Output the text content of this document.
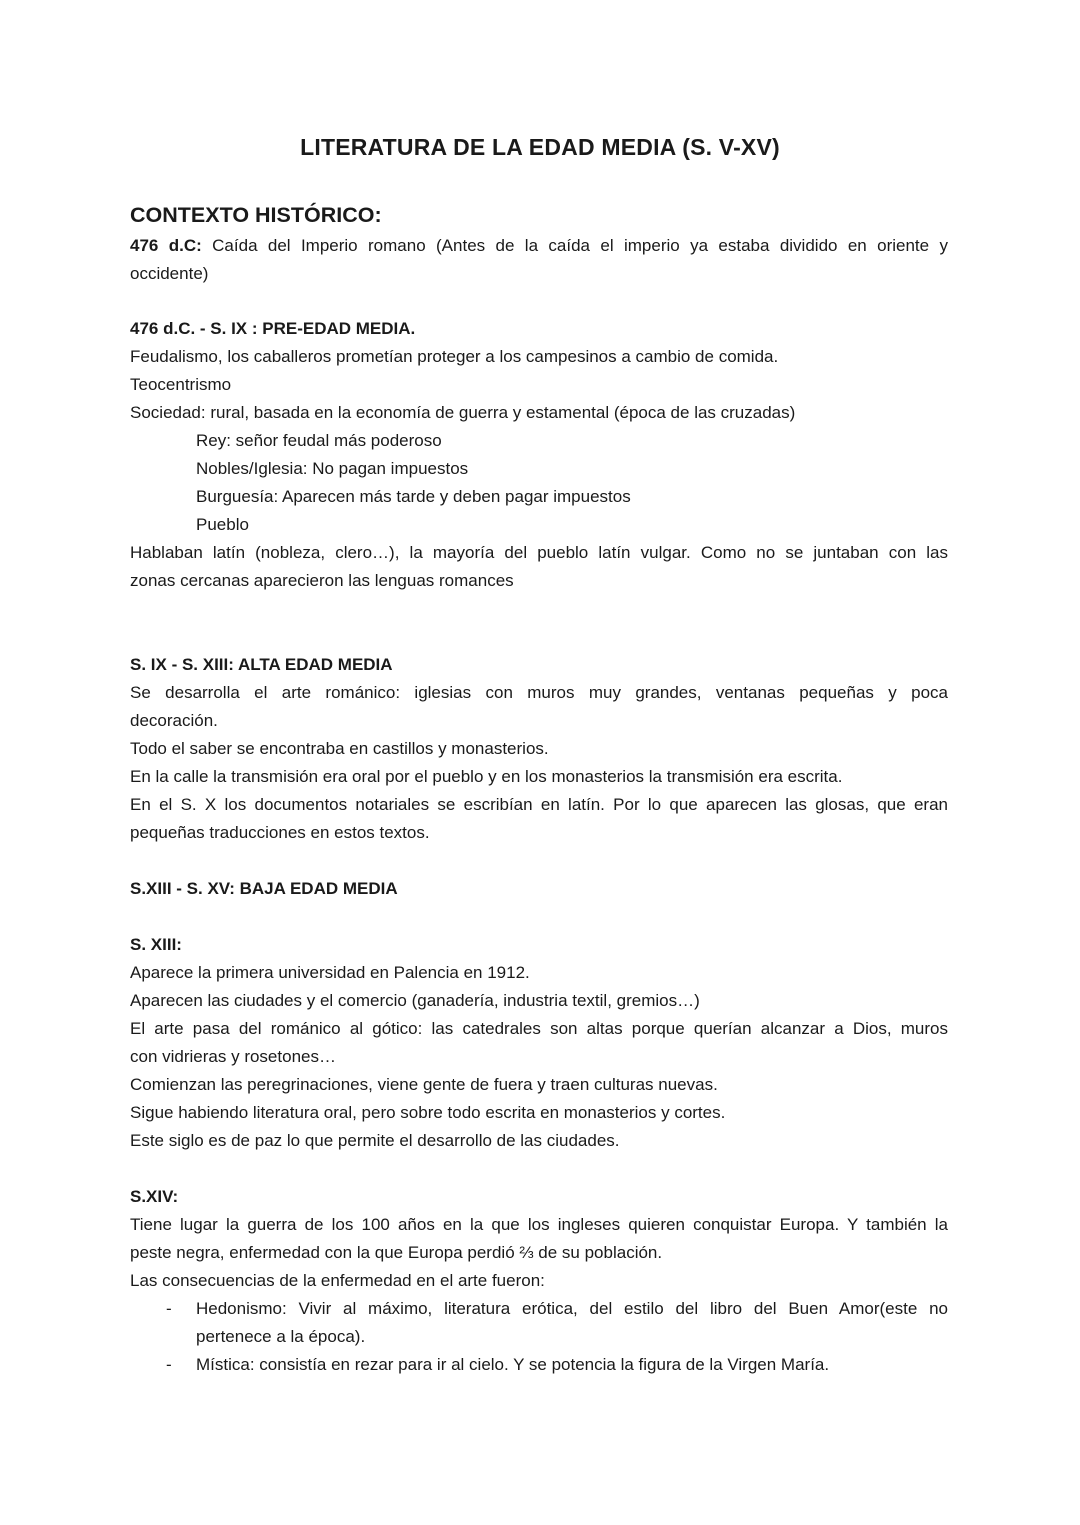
LITERATURA DE LA EDAD MEDIA (S. V-XV)
CONTEXTO HISTÓRICO:
476 d.C: Caída del Imperio romano (Antes de la caída el imperio ya estaba dividido en oriente y
occidente)
476 d.C. - S. IX : PRE-EDAD MEDIA.
Feudalismo, los caballeros prometían proteger a los campesinos a cambio de comida.
Teocentrismo
Sociedad: rural, basada en la economía de guerra y estamental (época de las cruzadas)
Rey: señor feudal más poderoso
Nobles/Iglesia: No pagan impuestos
Burguesía: Aparecen más tarde y deben pagar impuestos
Pueblo
Hablaban latín (nobleza, clero…), la mayoría del pueblo latín vulgar. Como no se juntaban con las
zonas cercanas aparecieron las lenguas romances
S. IX - S. XIII: ALTA EDAD MEDIA
Se desarrolla el arte románico: iglesias con muros muy grandes, ventanas pequeñas y poca
decoración.
Todo el saber se encontraba en castillos y monasterios.
En la calle la transmisión era oral por el pueblo y en los monasterios la transmisión era escrita.
En el S. X los documentos notariales se escribían en latín. Por lo que aparecen las glosas, que eran
pequeñas traducciones en estos textos.
S.XIII - S. XV: BAJA EDAD MEDIA
S. XIII:
Aparece la primera universidad en Palencia en 1912.
Aparecen las ciudades y el comercio (ganadería, industria textil, gremios…)
El arte pasa del románico al gótico: las catedrales son altas porque querían alcanzar a Dios, muros
con vidrieras y rosetones…
Comienzan las peregrinaciones, viene gente de fuera y traen culturas nuevas.
Sigue habiendo literatura oral, pero sobre todo escrita en monasterios y cortes.
Este siglo es de paz lo que permite el desarrollo de las ciudades.
S.XIV:
Tiene lugar la guerra de los 100 años en la que los ingleses quieren conquistar Europa. Y también la
peste negra, enfermedad con la que Europa perdió ⅔ de su población.
Las consecuencias de la enfermedad en el arte fueron:
- Hedonismo: Vivir al máximo, literatura erótica, del estilo del libro del Buen Amor(este no
pertenece a la época).
- Mística: consistía en rezar para ir al cielo. Y se potencia la figura de la Virgen María.
